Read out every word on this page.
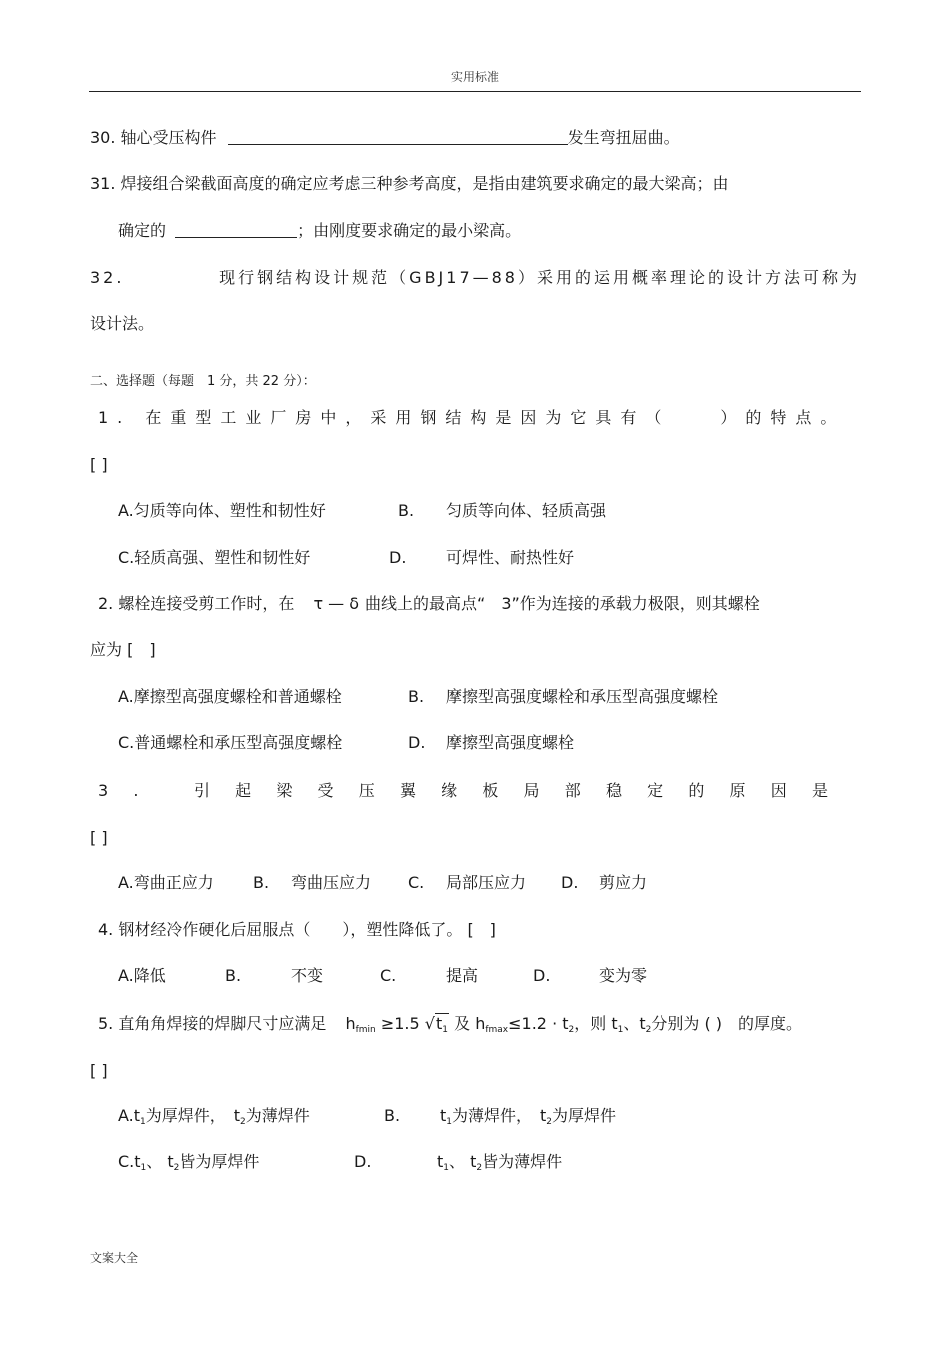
实用标准
30. 轴心受压构件	发生弯扭屈曲。
31. 焊接组合梁截面高度的确定应考虑三种参考高度，是指由建筑要求确定的最大梁高；由
确定的	；由刚度要求确定的最小梁高。
32.	现行钢结构设计规范（GBJ17—88）采用的运用概率理论的设计方法可称为
设计法。
二、选择题（每题　1 分，共 22 分）：
1. 在重型工业厂房中，采用钢结构是因为它具有（　　）的特点。
[ ]
A.匀质等向体、塑性和韧性好	B. 匀质等向体、轻质高强
C.轻质高强、塑性和韧性好	D. 可焊性、耐热性好
2. 螺栓连接受剪工作时，在 τ — δ 曲线上的最高点“　3”作为连接的承载力极限，则其螺栓
应为 [　]
A.摩擦型高强度螺栓和普通螺栓	B. 摩擦型高强度螺栓和承压型高强度螺栓
C.普通螺栓和承压型高强度螺栓	D. 摩擦型高强度螺栓
3. 引起梁受压翼缘板局部稳定的原因是
[ ]
A.弯曲正应力 B. 弯曲压应力 C. 局部压应力 D. 剪应力
4. 钢材经冷作硬化后屈服点（　　），塑性降低了。 [　]
A.降低	B.	不变	C.	提高	D.	变为零
5. 直角角焊接的焊脚尺寸应满足 $h_{fmin} \ge 1.5$ $√t_1$ 及 $h_{fmax}\le 1.2 \cdot t_2$，则 $t_1$、$t_2$分别为 ( )　的厚度。
[ ]
$A.t_1$为厚焊件，　$t_2$为薄焊件	B. $t_1$为薄焊件，　$t_2$为厚焊件
$C.t_1$、 $t_2$皆为厚焊件	D.	$t_1$、 $t_2$皆为薄焊件
文案大全
